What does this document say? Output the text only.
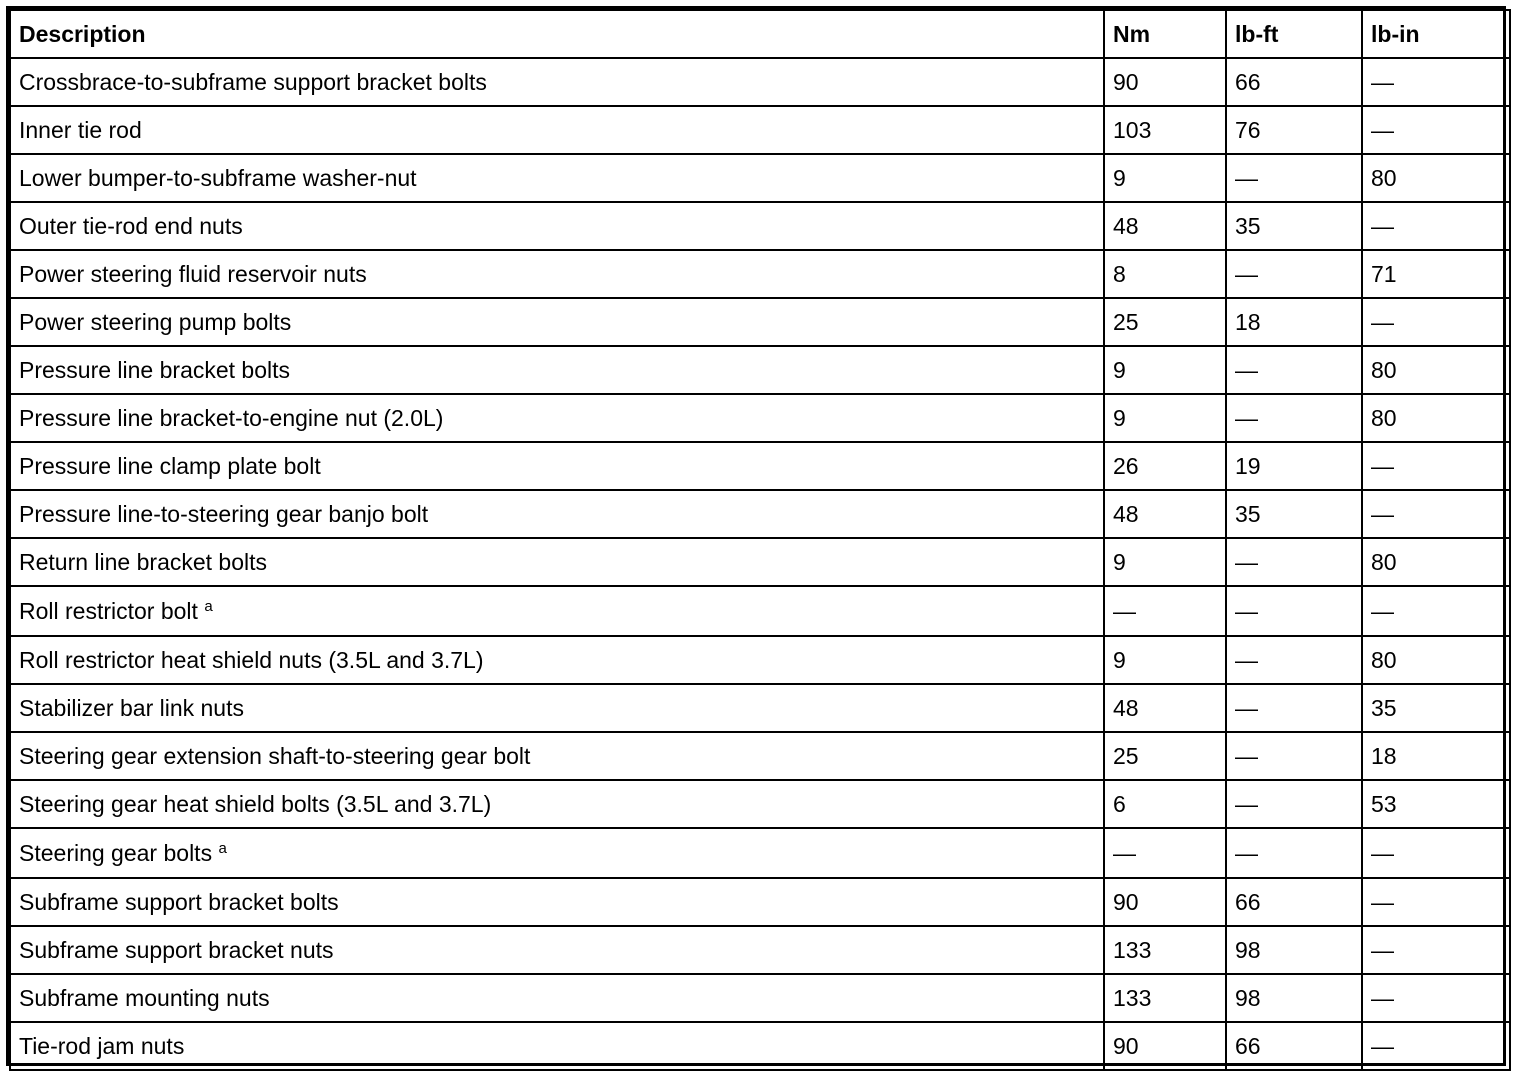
Description	Nm	lb-ft	lb-in
Crossbrace-to-subframe support bracket bolts	90	66	—
Inner tie rod	103	76	—
Lower bumper-to-subframe washer-nut	9	—	80
Outer tie-rod end nuts	48	35	—
Power steering fluid reservoir nuts	8	—	71
Power steering pump bolts	25	18	—
Pressure line bracket bolts	9	—	80
Pressure line bracket-to-engine nut (2.0L)	9	—	80
Pressure line clamp plate bolt	26	19	—
Pressure line-to-steering gear banjo bolt	48	35	—
Return line bracket bolts	9	—	80
Roll restrictor bolt $^a$	—	—	—
Roll restrictor heat shield nuts (3.5L and 3.7L)	9	—	80
Stabilizer bar link nuts	48	—	35
Steering gear extension shaft-to-steering gear bolt	25	—	18
Steering gear heat shield bolts (3.5L and 3.7L)	6	—	53
Steering gear bolts $^a$	—	—	—
Subframe support bracket bolts	90	66	—
Subframe support bracket nuts	133	98	—
Subframe mounting nuts	133	98	—
Tie-rod jam nuts	90	66	—
